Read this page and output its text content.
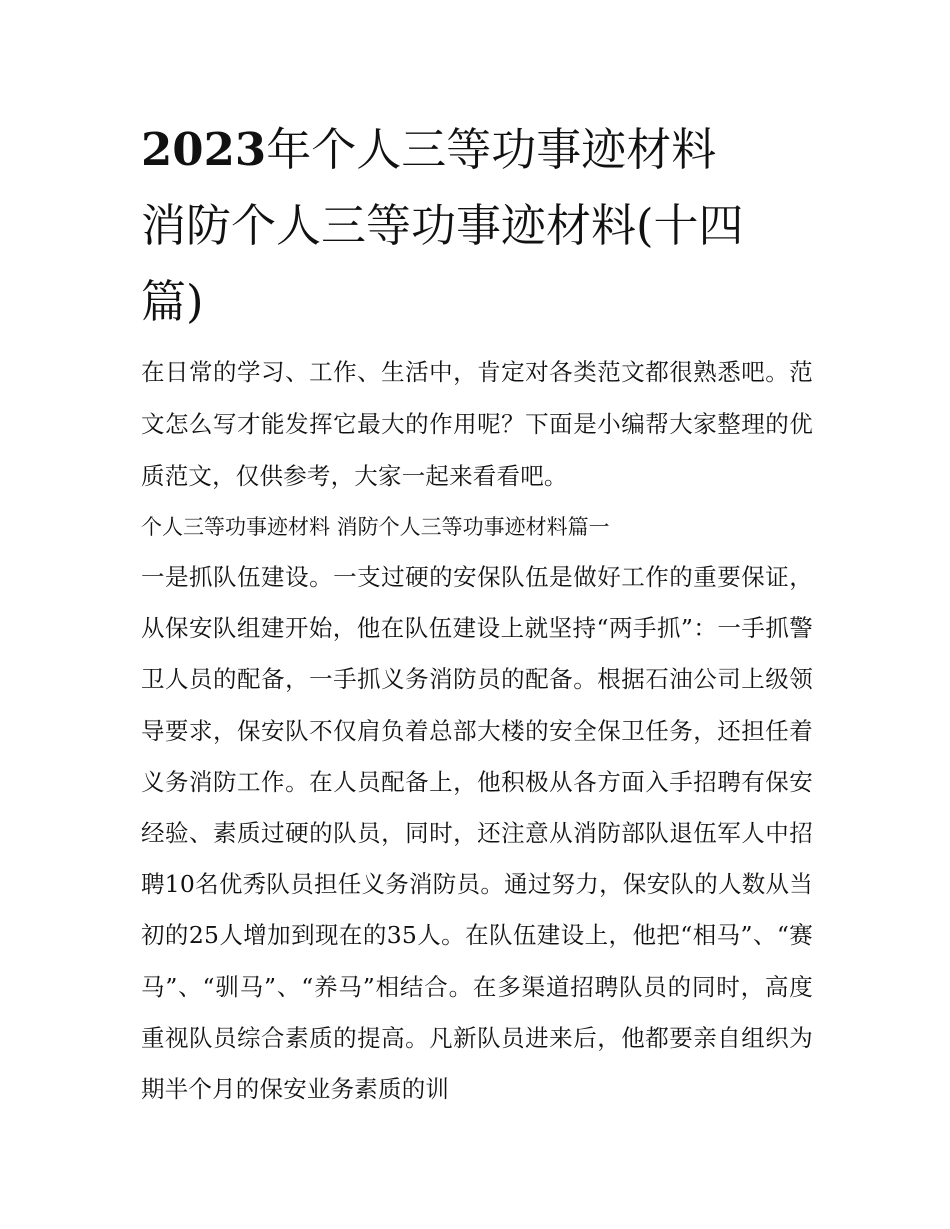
2023年个人三等功事迹材料
消防个人三等功事迹材料(十四
篇)

在日常的学习、工作、生活中，肯定对各类范文都很熟悉吧。范文怎么写才能发挥它最大的作用呢？下面是小编帮大家整理的优质范文，仅供参考，大家一起来看看吧。

个人三等功事迹材料 消防个人三等功事迹材料篇一

一是抓队伍建设。一支过硬的安保队伍是做好工作的重要保证，从保安队组建开始，他在队伍建设上就坚持“两手抓”：一手抓警卫人员的配备，一手抓义务消防员的配备。根据石油公司上级领导要求，保安队不仅肩负着总部大楼的安全保卫任务，还担任着义务消防工作。在人员配备上，他积极从各方面入手招聘有保安经验、素质过硬的队员，同时，还注意从消防部队退伍军人中招聘10名优秀队员担任义务消防员。通过努力，保安队的人数从当初的25人增加到现在的35人。在队伍建设上，他把“相马”、“赛马”、“驯马”、“养马”相结合。在多渠道招聘队员的同时，高度重视队员综合素质的提高。凡新队员进来后，他都要亲自组织为期半个月的保安业务素质的训
